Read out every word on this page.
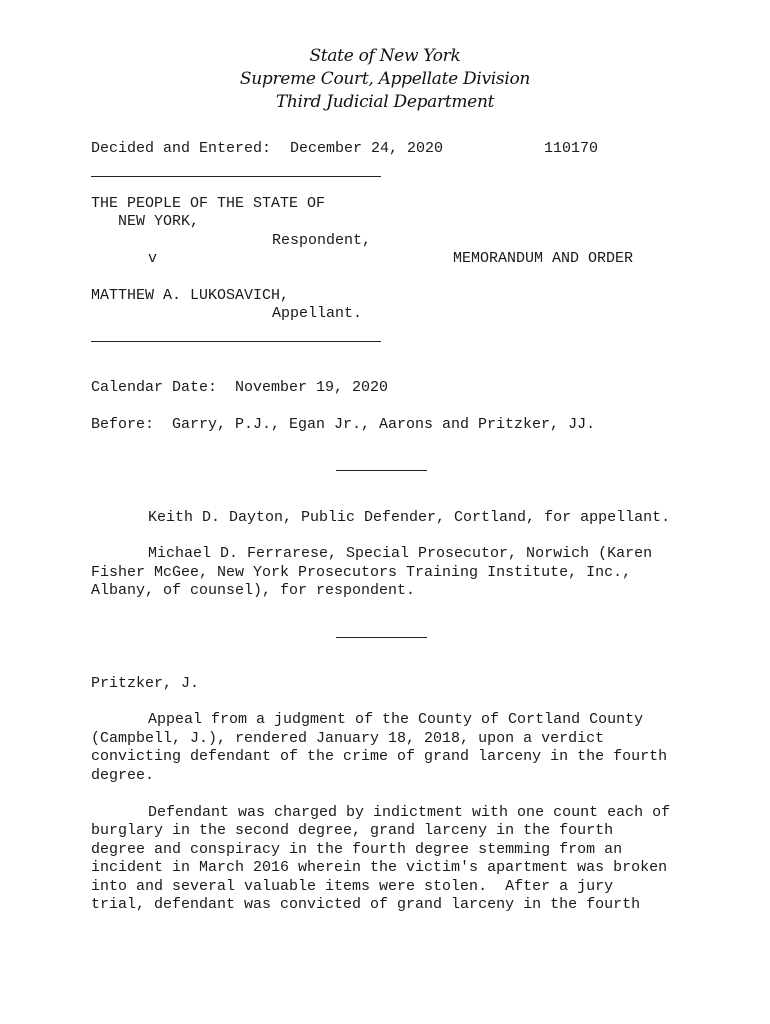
State of New York
Supreme Court, Appellate Division
Third Judicial Department
Decided and Entered: December 24, 2020	110170
THE PEOPLE OF THE STATE OF
NEW YORK,
Respondent,
v	MEMORANDUM AND ORDER
MATTHEW A. LUKOSAVICH,
Appellant.
Calendar Date: November 19, 2020
Before: Garry, P.J., Egan Jr., Aarons and Pritzker, JJ.
Keith D. Dayton, Public Defender, Cortland, for appellant.
Michael D. Ferrarese, Special Prosecutor, Norwich (Karen
Fisher McGee, New York Prosecutors Training Institute, Inc.,
Albany, of counsel), for respondent.
Pritzker, J.
Appeal from a judgment of the County of Cortland County
(Campbell, J.), rendered January 18, 2018, upon a verdict
convicting defendant of the crime of grand larceny in the fourth
degree.
Defendant was charged by indictment with one count each of
burglary in the second degree, grand larceny in the fourth
degree and conspiracy in the fourth degree stemming from an
incident in March 2016 wherein the victim's apartment was broken
into and several valuable items were stolen.  After a jury
trial, defendant was convicted of grand larceny in the fourth
